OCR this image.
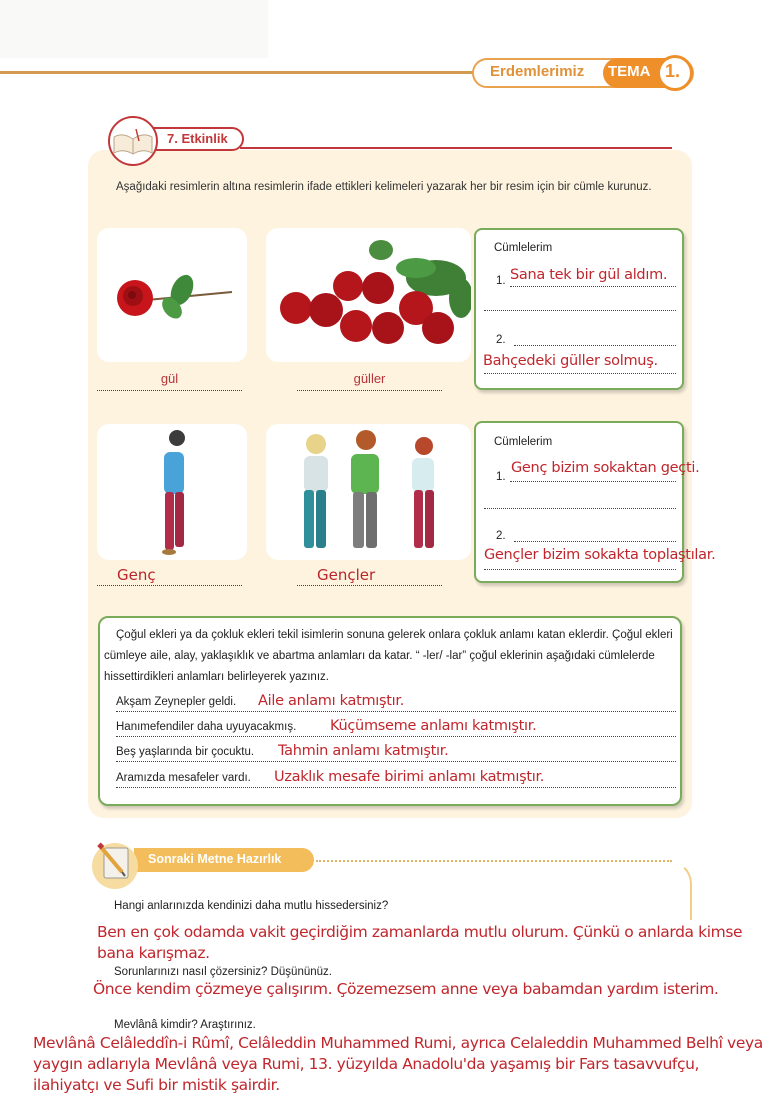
Erdemlerimiz TEMA 1.
7. Etkinlik
Aşağıdaki resimlerin altına resimlerin ifade ettikleri kelimeleri yazarak her bir resim için bir cümle kurunuz.
gül	güller
Cümlelerim
1.
2.
Sana tek bir gül aldım.
Bahçedeki güller solmuş.
Genç	Gençler
Cümlelerim
1.
2.
Genç bizim sokaktan geçti.
Gençler bizim sokakta toplaştılar.
Çoğul ekleri ya da çokluk ekleri tekil isimlerin sonuna gelerek onlara çokluk anlamı katan eklerdir. Çoğul ekleri cümleye aile, alay, yaklaşıklık ve abartma anlamları da katar. “ -ler/ -lar” çoğul eklerinin aşağıdaki cümlelerde hissettirdikleri anlamları belirleyerek yazınız.
Akşam Zeynepler geldi. Aile anlamı katmıştır.
Hanımefendiler daha uyuyacakmış. Küçümseme anlamı katmıştır.
Beş yaşlarında bir çocuktu. Tahmin anlamı katmıştır.
Aramızda mesafeler vardı. Uzaklık mesafe birimi anlamı katmıştır.
Sonraki Metne Hazırlık
Hangi anlarınızda kendinizi daha mutlu hissedersiniz?
Ben en çok odamda vakit geçirdiğim zamanlarda mutlu olurum. Çünkü o anlarda kimse bana karışmaz.
Sorunlarınızı nasıl çözersiniz? Düşününüz.
Önce kendim çözmeye çalışırım. Çözemezsem anne veya babamdan yardım isterim.
Mevlânâ kimdir? Araştırınız.
Mevlânâ Celâleddîn-i Rûmî, Celâleddin Muhammed Rumi, ayrıca Celaleddin Muhammed Belhî veya yaygın adlarıyla Mevlânâ veya Rumi, 13. yüzyılda Anadolu'da yaşamış bir Fars tasavvufçu, ilahiyatçı ve Sufi bir mistik şairdir.
